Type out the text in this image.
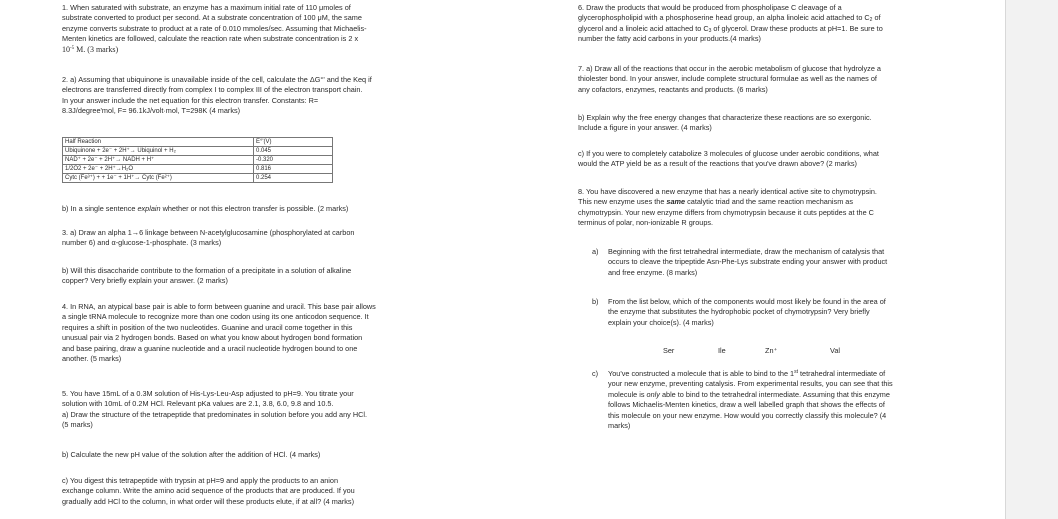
1. When saturated with substrate, an enzyme has a maximum initial rate of 110 μmoles of
substrate converted to product per second. At a substrate concentration of 100 μM, the same
enzyme converts substrate to product at a rate of 0.010 mmoles/sec. Assuming that Michaelis-
Menten kinetics are followed, calculate the reaction rate when substrate concentration is 2 x
$10^{-5}$ M. (3 marks)
2. a) Assuming that ubiquinone is unavailable inside of the cell, calculate the ΔG°' and the Keq if
electrons are transferred directly from complex I to complex III of the electron transport chain.
In your answer include the net equation for this electron transfer. Constants: R=
8.3J/degree'mol, F= 96.1kJ/volt·mol, T=298K (4 marks)
Half Reaction	E°'(V)
Ubiquinone + 2e⁻ + 2H⁺→ Ubiquinol + H₂	0.045
NAD⁺ + 2e⁻ + 2H⁺→ NADH + H⁺	-0.320
1/2O2 + 2e⁻ + 2H⁺→H₂O	0.816
Cytc (Fe³⁺) + + 1e⁻ + 1H⁺→ Cytc (Fe²⁺)	0.254
b) In a single sentence explain whether or not this electron transfer is possible. (2 marks)
3. a) Draw an alpha 1→6 linkage between N-acetylglucosamine (phosphorylated at carbon
number 6) and α-glucose-1-phosphate. (3 marks)
b) Will this disaccharide contribute to the formation of a precipitate in a solution of alkaline
copper? Very briefly explain your answer. (2 marks)
4. In RNA, an atypical base pair is able to form between guanine and uracil. This base pair allows
a single tRNA molecule to recognize more than one codon using its one anticodon sequence. It
requires a shift in position of the two nucleotides. Guanine and uracil come together in this
unusual pair via 2 hydrogen bonds. Based on what you know about hydrogen bond formation
and base pairing, draw a guanine nucleotide and a uracil nucleotide hydrogen bound to one
another. (5 marks)
5. You have 15mL of a 0.3M solution of His-Lys-Leu-Asp adjusted to pH=9. You titrate your
solution with 10mL of 0.2M HCl. Relevant pKa values are 2.1, 3.8, 6.0, 9.8 and 10.5.
a) Draw the structure of the tetrapeptide that predominates in solution before you add any HCl.
(5 marks)
b) Calculate the new pH value of the solution after the addition of HCl. (4 marks)
c) You digest this tetrapeptide with trypsin at pH=9 and apply the products to an anion
exchange column. Write the amino acid sequence of the products that are produced. If you
gradually add HCl to the column, in what order will these products elute, if at all? (4 marks)
6. Draw the products that would be produced from phospholipase C cleavage of a
glycerophospholipid with a phosphoserine head group, an alpha linoleic acid attached to $C_2$ of
glycerol and a linoleic acid attached to $C_3$ of glycerol. Draw these products at pH=1. Be sure to
number the fatty acid carbons in your products.(4 marks)
7. a) Draw all of the reactions that occur in the aerobic metabolism of glucose that hydrolyze a
thiolester bond. In your answer, include complete structural formulae as well as the names of
any cofactors, enzymes, reactants and products. (6 marks)
b) Explain why the free energy changes that characterize these reactions are so exergonic.
Include a figure in your answer. (4 marks)
c) If you were to completely catabolize 3 molecules of glucose under aerobic conditions, what
would the ATP yield be as a result of the reactions that you've drawn above? (2 marks)
8. You have discovered a new enzyme that has a nearly identical active site to chymotrypsin.
This new enzyme uses the same catalytic triad and the same reaction mechanism as
chymotrypsin. Your new enzyme differs from chymotrypsin because it cuts peptides at the C
terminus of polar, non-ionizable R groups.
a) Beginning with the first tetrahedral intermediate, draw the mechanism of catalysis that
occurs to cleave the tripeptide Asn-Phe-Lys substrate ending your answer with product
and free enzyme. (8 marks)
b) From the list below, which of the components would most likely be found in the area of
the enzyme that substitutes the hydrophobic pocket of chymotrypsin? Very briefly
explain your choice(s). (4 marks)
Ser	Ile	Zn⁺	Val
c) You've constructed a molecule that is able to bind to the 1st tetrahedral intermediate of
your new enzyme, preventing catalysis. From experimental results, you can see that this
molecule is only able to bind to the tetrahedral intermediate. Assuming that this enzyme
follows Michaelis-Menten kinetics, draw a well labelled graph that shows the effects of
this molecule on your new enzyme. How would you correctly classify this molecule? (4
marks)
